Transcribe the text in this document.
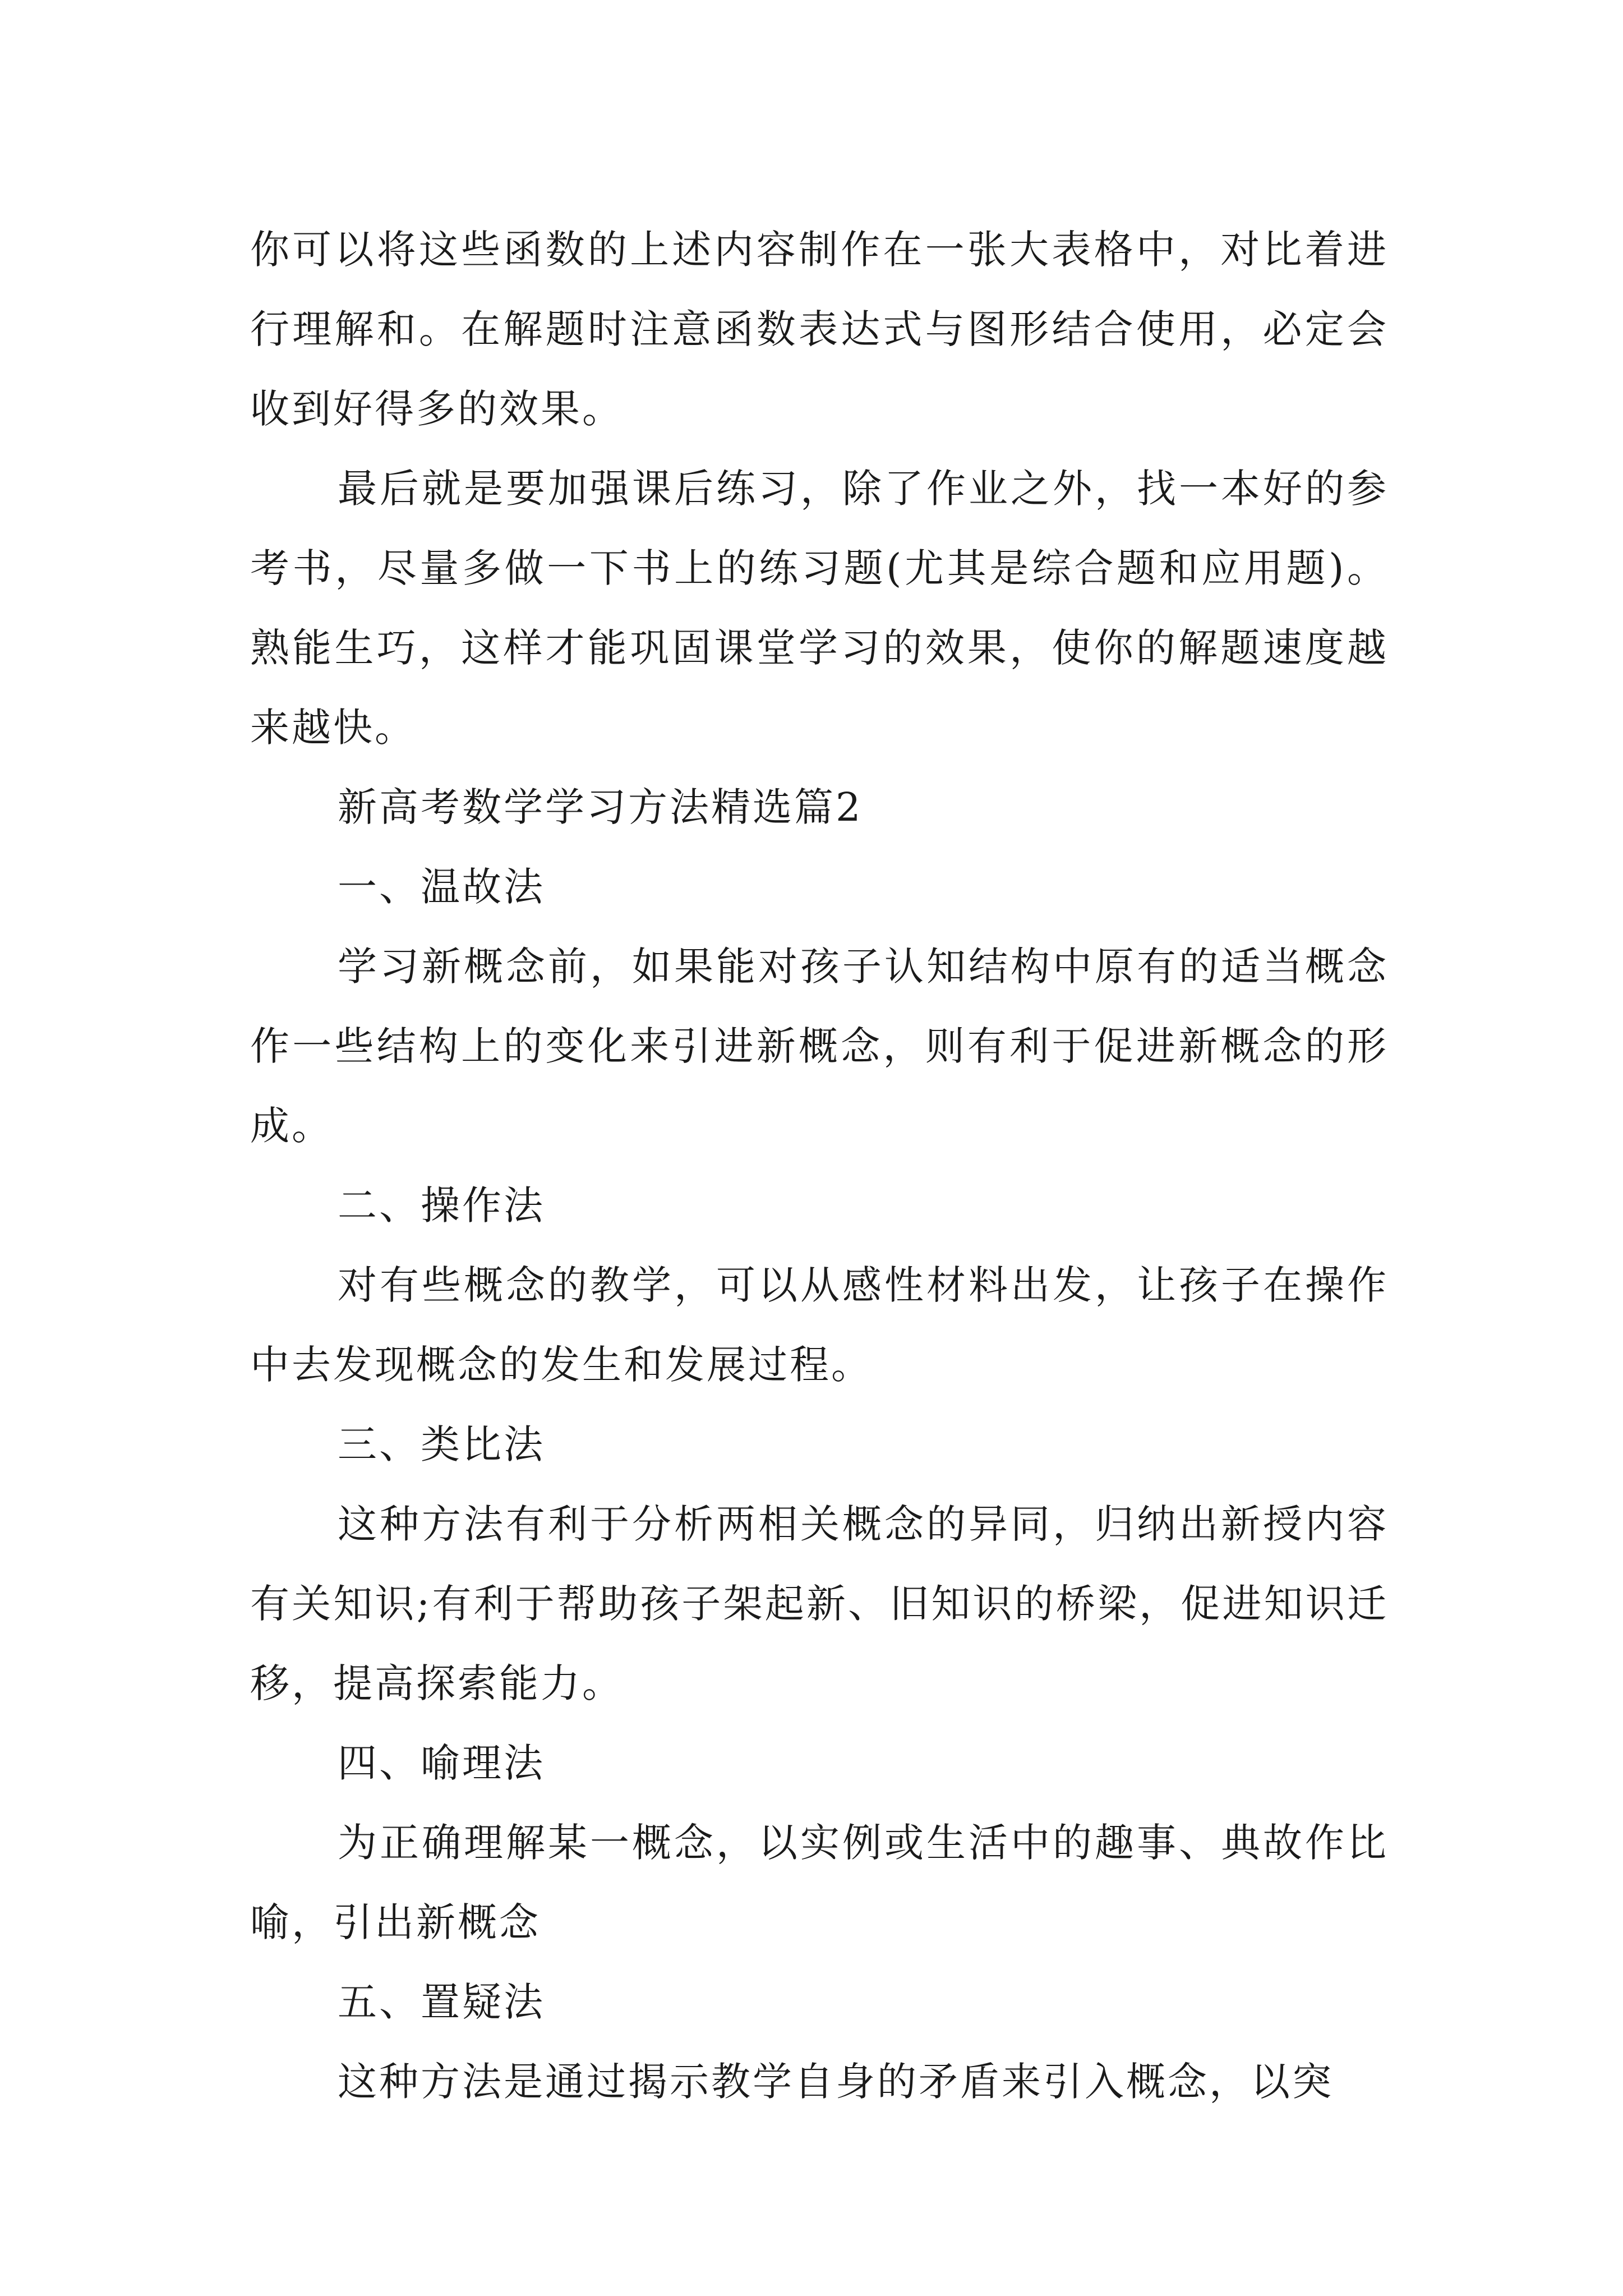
你可以将这些函数的上述内容制作在一张大表格中，对比着进行理解和。在解题时注意函数表达式与图形结合使用，必定会收到好得多的效果。

最后就是要加强课后练习，除了作业之外，找一本好的参考书，尽量多做一下书上的练习题(尤其是综合题和应用题)。熟能生巧，这样才能巩固课堂学习的效果，使你的解题速度越来越快。

新高考数学学习方法精选篇2

一、温故法

学习新概念前，如果能对孩子认知结构中原有的适当概念作一些结构上的变化来引进新概念，则有利于促进新概念的形成。

二、操作法

对有些概念的教学，可以从感性材料出发，让孩子在操作中去发现概念的发生和发展过程。

三、类比法

这种方法有利于分析两相关概念的异同，归纳出新授内容有关知识;有利于帮助孩子架起新、旧知识的桥梁，促进知识迁移，提高探索能力。

四、喻理法

为正确理解某一概念，以实例或生活中的趣事、典故作比喻，引出新概念

五、置疑法

这种方法是通过揭示教学自身的矛盾来引入概念，以突
